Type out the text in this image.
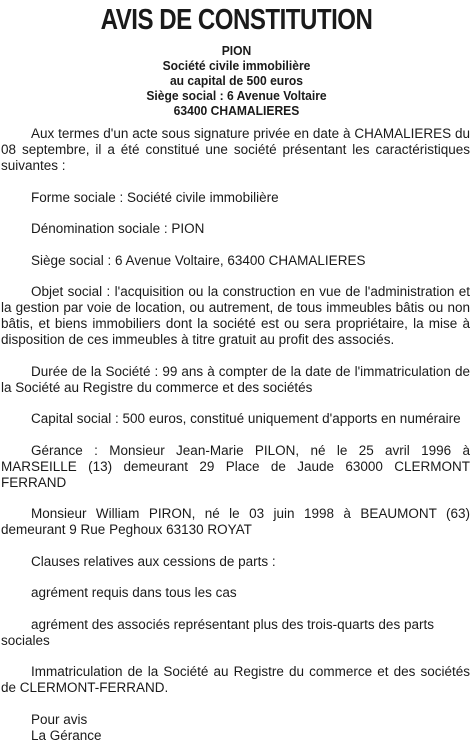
AVIS DE CONSTITUTION
PION
Société civile immobilière
au capital de 500 euros
Siège social : 6 Avenue Voltaire
63400 CHAMALIERES

Aux termes d'un acte sous signature privée en date à CHAMALIERES du 08 septembre, il a été constitué une société présentant les caractéristiques suivantes :

Forme sociale : Société civile immobilière

Dénomination sociale : PION

Siège social : 6 Avenue Voltaire, 63400 CHAMALIERES

Objet social : l'acquisition ou la construction en vue de l'administration et la gestion par voie de location, ou autrement, de tous immeubles bâtis ou non bâtis, et biens immobiliers dont la société est ou sera propriétaire, la mise à disposition de ces immeubles à titre gratuit au profit des associés.

Durée de la Société : 99 ans à compter de la date de l'immatriculation de la Société au Registre du commerce et des sociétés

Capital social : 500 euros, constitué uniquement d'apports en numéraire

Gérance : Monsieur Jean-Marie PILON, né le 25 avril 1996 à MARSEILLE (13) demeurant 29 Place de Jaude 63000 CLERMONT FERRAND

Monsieur William PIRON, né le 03 juin 1998 à BEAUMONT (63) demeurant 9 Rue Peghoux 63130 ROYAT

Clauses relatives aux cessions de parts :

agrément requis dans tous les cas

agrément des associés représentant plus des trois-quarts des parts sociales

Immatriculation de la Société au Registre du commerce et des sociétés de CLERMONT-FERRAND.

Pour avis
La Gérance
